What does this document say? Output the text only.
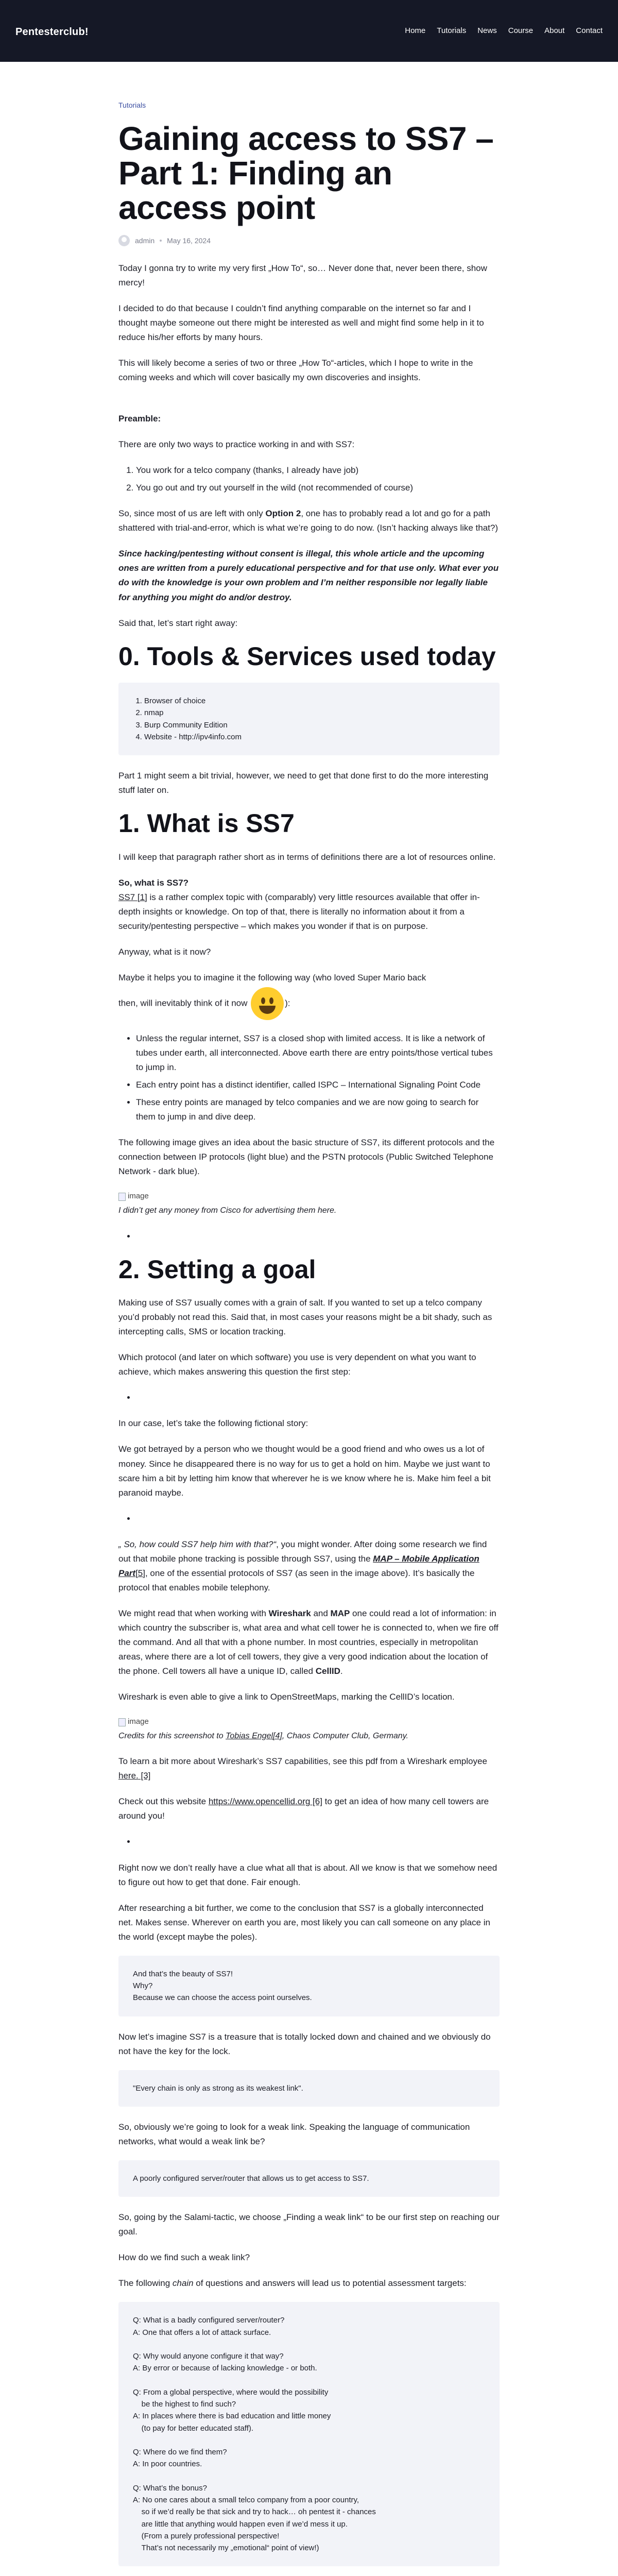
Pentesterclub!	Home Tutorials News Course About Contact
Tutorials
Gaining access to SS7 – Part 1: Finding an access point
admin May 16, 2024

Today I gonna try to write my very first „How To“, so… Never done that, never been there, show mercy!

I decided to do that because I couldn’t find anything comparable on the internet so far and I thought maybe someone out there might be interested as well and might find some help in it to reduce his/her efforts by many hours.

This will likely become a series of two or three „How To“-articles, which I hope to write in the coming weeks and which will cover basically my own discoveries and insights.

Preamble:

There are only two ways to practice working in and with SS7:

1. You work for a telco company (thanks, I already have job)
2. You go out and try out yourself in the wild (not recommended of course)

So, since most of us are left with only Option 2, one has to probably read a lot and go for a path shattered with trial-and-error, which is what we’re going to do now. (Isn’t hacking always like that?)

Since hacking/pentesting without consent is illegal, this whole article and the upcoming ones are written from a purely educational perspective and for that use only. What ever you do with the knowledge is your own problem and I’m neither responsible nor legally liable for anything you might do and/or destroy.

Said that, let’s start right away:

0. Tools & Services used today
1. Browser of choice
2. nmap
3. Burp Community Edition
4. Website - http://ipv4info.com

Part 1 might seem a bit trivial, however, we need to get that done first to do the more interesting stuff later on.

1. What is SS7

I will keep that paragraph rather short as in terms of definitions there are a lot of resources online.

So, what is SS7?

SS7 [1] is a rather complex topic with (comparably) very little resources available that offer in-depth insights or knowledge. On top of that, there is literally no information about it from a security/pentesting perspective – which makes you wonder if that is on purpose.

Anyway, what is it now?

Maybe it helps you to imagine it the following way (who loved Super Mario back

then, will inevitably think of it now	):

• Unless the regular internet, SS7 is a closed shop with limited access. It is like a network of tubes under earth, all interconnected. Above earth there are entry points/those vertical tubes to jump in.
• Each entry point has a distinct identifier, called ISPC – International Signaling Point Code
• These entry points are managed by telco companies and we are now going to search for them to jump in and dive deep.

The following image gives an idea about the basic structure of SS7, its different protocols and the connection between IP protocols (light blue) and the PSTN protocols (Public Switched Telephone Network - dark blue).

image

I didn’t get any money from Cisco for advertising them here.

•
2. Setting a goal

Making use of SS7 usually comes with a grain of salt. If you wanted to set up a telco company you’d probably not read this. Said that, in most cases your reasons might be a bit shady, such as intercepting calls, SMS or location tracking.

Which protocol (and later on which software) you use is very dependent on what you want to achieve, which makes answering this question the first step:

•

In our case, let’s take the following fictional story:

We got betrayed by a person who we thought would be a good friend and who owes us a lot of money. Since he disappeared there is no way for us to get a hold on him. Maybe we just want to scare him a bit by letting him know that wherever he is we know where he is. Make him feel a bit paranoid maybe.

•

„ So, how could SS7 help him with that?“, you might wonder. After doing some research we find out that mobile phone tracking is possible through SS7, using the MAP – Mobile Application Part[5], one of the essential protocols of SS7 (as seen in the image above). It’s basically the protocol that enables mobile telephony.

We might read that when working with Wireshark and MAP one could read a lot of information: in which country the subscriber is, what area and what cell tower he is connected to, when we fire off the command. And all that with a phone number. In most countries, especially in metropolitan areas, where there are a lot of cell towers, they give a very good indication about the location of the phone. Cell towers all have a unique ID, called CellID.

Wireshark is even able to give a link to OpenStreetMaps, marking the CellID’s location.

image

Credits for this screenshot to Tobias Engel[4], Chaos Computer Club, Germany.

To learn a bit more about Wireshark’s SS7 capabilities, see this pdf from a Wireshark employee here. [3]

Check out this website https://www.opencellid.org [6] to get an idea of how many cell towers are around you!

•

Right now we don’t really have a clue what all that is about. All we know is that we somehow need to figure out how to get that done. Fair enough.

After researching a bit further, we come to the conclusion that SS7 is a globally interconnected net. Makes sense. Wherever on earth you are, most likely you can call someone on any place in the world (except maybe the poles).

And that’s the beauty of SS7!
Why?
Because we can choose the access point ourselves.

Now let’s imagine SS7 is a treasure that is totally locked down and chained and we obviously do not have the key for the lock.

"Every chain is only as strong as its weakest link".

So, obviously we’re going to look for a weak link. Speaking the language of communication networks, what would a weak link be?

A poorly configured server/router that allows us to get access to SS7.

So, going by the Salami-tactic, we choose „Finding a weak link“ to be our first step on reaching our goal.

How do we find such a weak link?

The following chain of questions and answers will lead us to potential assessment targets:

Q: What is a badly configured server/router?
A: One that offers a lot of attack surface.

Q: Why would anyone configure it that way?
A: By error or because of lacking knowledge - or both.

Q: From a global perspective, where would the possibility
be the highest to find such?
A: In places where there is bad education and little money
(to pay for better educated staff).

Q: Where do we find them?
A: In poor countries.

Q: What’s the bonus?
A: No one cares about a small telco company from a poor country,
so if we’d really be that sick and try to hack… oh pentest it - chances
are little that anything would happen even if we’d mess it up.
(From a purely professional perspective!
That’s not necessarily my „emotional“ point of view!)
